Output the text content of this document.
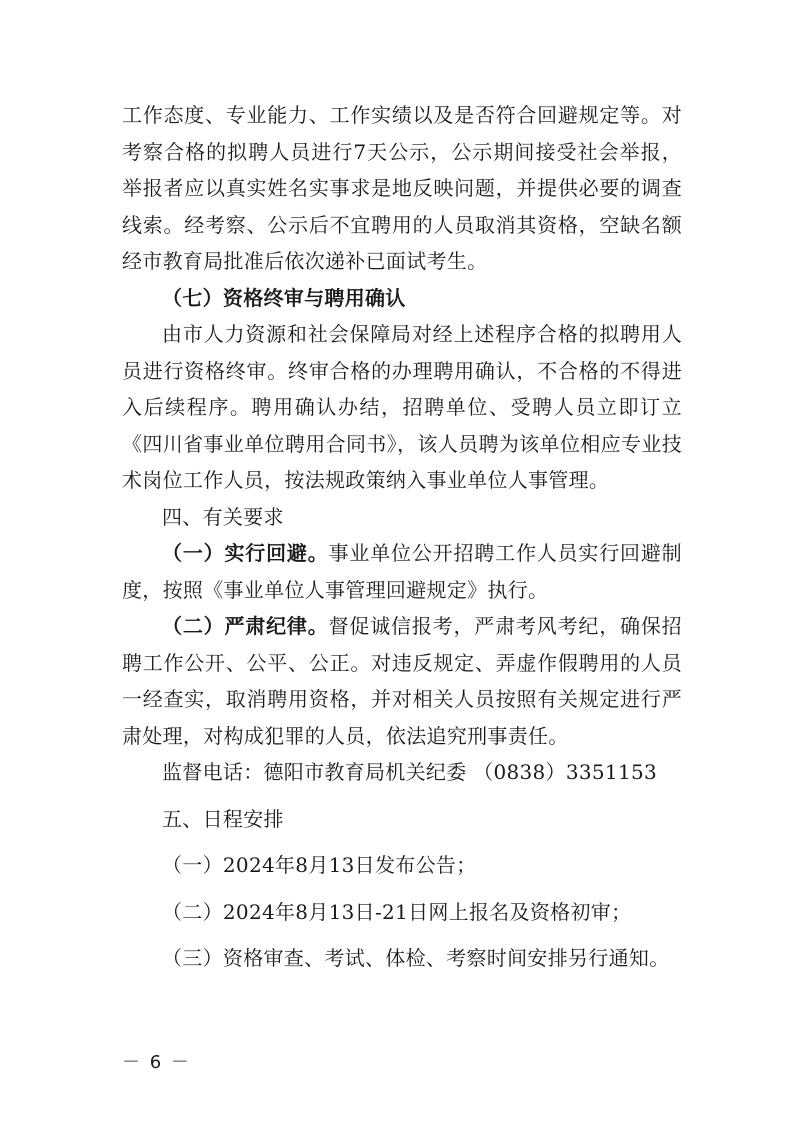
工作态度、专业能力、工作实绩以及是否符合回避规定等。对考察合格的拟聘人员进行7天公示，公示期间接受社会举报，举报者应以真实姓名实事求是地反映问题，并提供必要的调查线索。经考察、公示后不宜聘用的人员取消其资格，空缺名额经市教育局批准后依次递补已面试考生。

（七）资格终审与聘用确认

由市人力资源和社会保障局对经上述程序合格的拟聘用人员进行资格终审。终审合格的办理聘用确认，不合格的不得进入后续程序。聘用确认办结，招聘单位、受聘人员立即订立《四川省事业单位聘用合同书》，该人员聘为该单位相应专业技术岗位工作人员，按法规政策纳入事业单位人事管理。

四、有关要求

（一）实行回避。事业单位公开招聘工作人员实行回避制度，按照《事业单位人事管理回避规定》执行。

（二）严肃纪律。督促诚信报考，严肃考风考纪，确保招聘工作公开、公平、公正。对违反规定、弄虚作假聘用的人员一经查实，取消聘用资格，并对相关人员按照有关规定进行严肃处理，对构成犯罪的人员，依法追究刑事责任。

监督电话：德阳市教育局机关纪委 （0838）3351153

五、日程安排

（一）2024年8月13日发布公告；

（二）2024年8月13日-21日网上报名及资格初审；

（三）资格审查、考试、体检、考察时间安排另行通知。

－ 6 －
